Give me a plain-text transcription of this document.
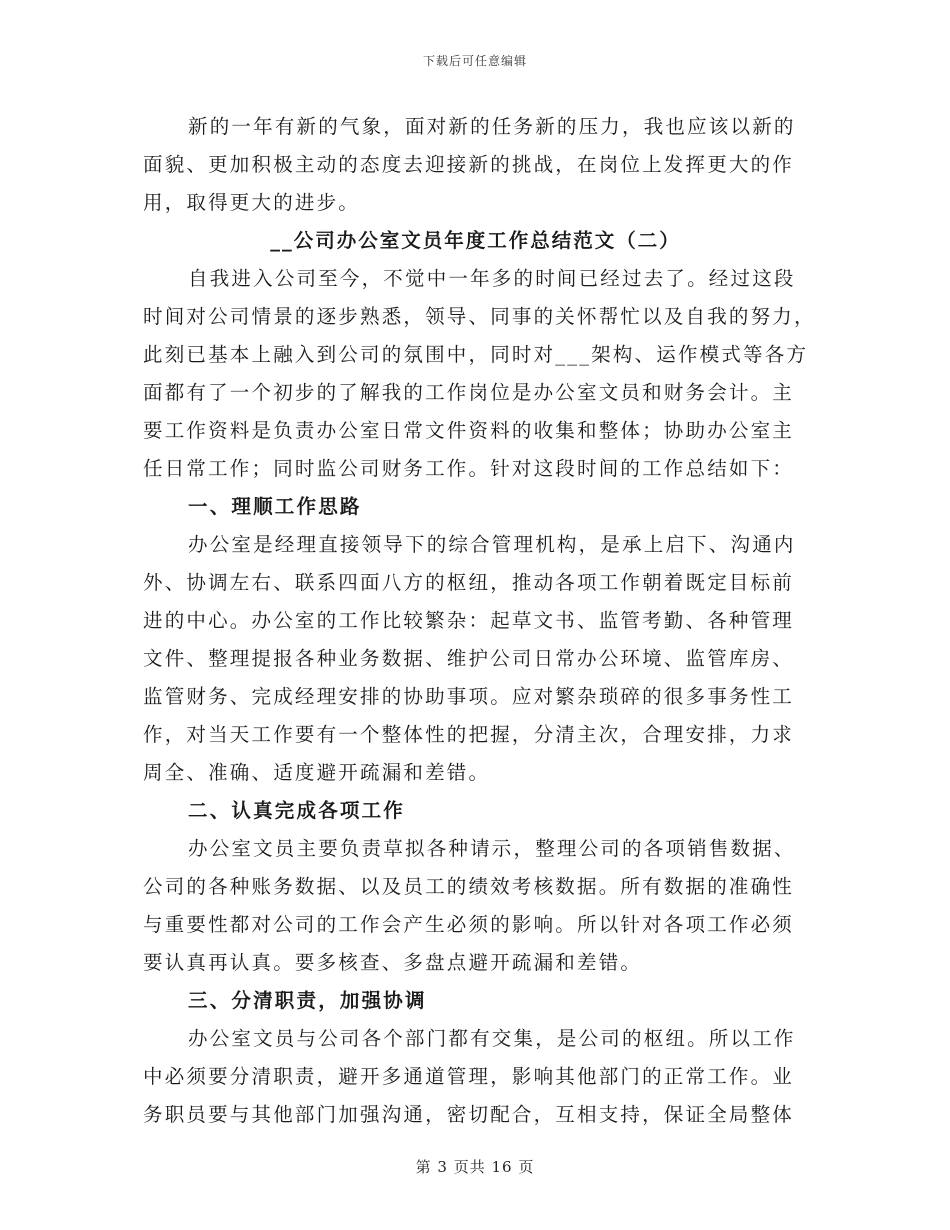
下载后可任意编辑
新的一年有新的气象，面对新的任务新的压力，我也应该以新的
面貌、更加积极主动的态度去迎接新的挑战，在岗位上发挥更大的作
用，取得更大的进步。
__公司办公室文员年度工作总结范文（二）
自我进入公司至今，不觉中一年多的时间已经过去了。经过这段
时间对公司情景的逐步熟悉，领导、同事的关怀帮忙以及自我的努力，
此刻已基本上融入到公司的氛围中，同时对___架构、运作模式等各方
面都有了一个初步的了解我的工作岗位是办公室文员和财务会计。主
要工作资料是负责办公室日常文件资料的收集和整体；协助办公室主
任日常工作；同时监公司财务工作。针对这段时间的工作总结如下：
一、理顺工作思路
办公室是经理直接领导下的综合管理机构，是承上启下、沟通内
外、协调左右、联系四面八方的枢纽，推动各项工作朝着既定目标前
进的中心。办公室的工作比较繁杂：起草文书、监管考勤、各种管理
文件、整理提报各种业务数据、维护公司日常办公环境、监管库房、
监管财务、完成经理安排的协助事项。应对繁杂琐碎的很多事务性工
作，对当天工作要有一个整体性的把握，分清主次，合理安排，力求
周全、准确、适度避开疏漏和差错。
二、认真完成各项工作
办公室文员主要负责草拟各种请示，整理公司的各项销售数据、
公司的各种账务数据、以及员工的绩效考核数据。所有数据的准确性
与重要性都对公司的工作会产生必须的影响。所以针对各项工作必须
要认真再认真。要多核查、多盘点避开疏漏和差错。
三、分清职责，加强协调
办公室文员与公司各个部门都有交集，是公司的枢纽。所以工作
中必须要分清职责，避开多通道管理，影响其他部门的正常工作。业
务职员要与其他部门加强沟通，密切配合，互相支持，保证全局整体
第 3 页共 16 页
